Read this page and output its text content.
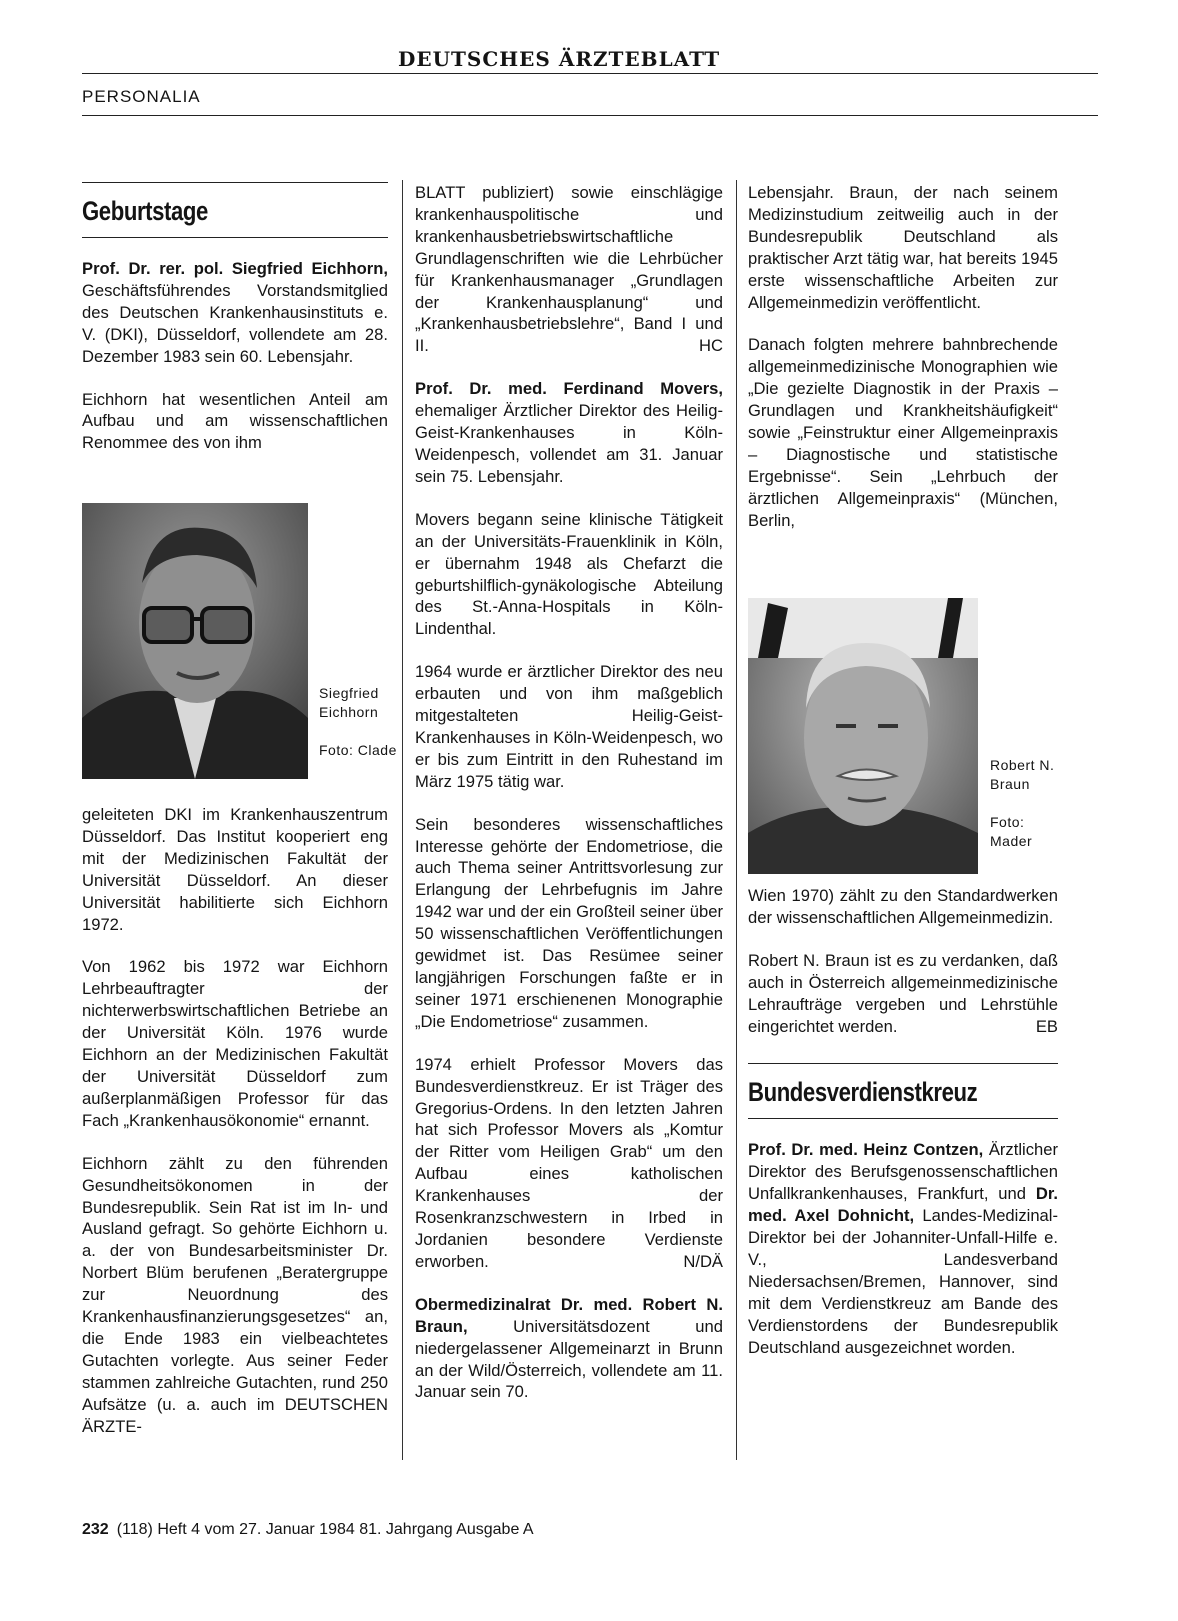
DEUTSCHES ÄRZTEBLATT
PERSONALIA
Geburtstage

Prof. Dr. rer. pol. Siegfried Eichhorn, Geschäftsführendes Vorstandsmitglied des Deutschen Krankenhausinstituts e. V. (DKI), Düsseldorf, vollendete am 28. Dezember 1983 sein 60. Lebensjahr.

Eichhorn hat wesentlichen Anteil am Aufbau und am wissenschaftlichen Renommee des von ihm

Siegfried Eichhorn
Foto: Clade

geleiteten DKI im Krankenhauszentrum Düsseldorf. Das Institut kooperiert eng mit der Medizinischen Fakultät der Universität Düsseldorf. An dieser Universität habilitierte sich Eichhorn 1972.

Von 1962 bis 1972 war Eichhorn Lehrbeauftragter der nichterwerbswirtschaftlichen Betriebe an der Universität Köln. 1976 wurde Eichhorn an der Medizinischen Fakultät der Universität Düsseldorf zum außerplanmäßigen Professor für das Fach „Krankenhausökonomie“ ernannt.

Eichhorn zählt zu den führenden Gesundheitsökonomen in der Bundesrepublik. Sein Rat ist im In- und Ausland gefragt. So gehörte Eichhorn u. a. der von Bundesarbeitsminister Dr. Norbert Blüm berufenen „Beratergruppe zur Neuordnung des Krankenhausfinanzierungsgesetzes“ an, die Ende 1983 ein vielbeachtetes Gutachten vorlegte. Aus seiner Feder stammen zahlreiche Gutachten, rund 250 Aufsätze (u. a. auch im DEUTSCHEN ÄRZTE-

BLATT publiziert) sowie einschlägige krankenhauspolitische und krankenhausbetriebswirtschaftliche Grundlagenschriften wie die Lehrbücher für Krankenhausmanager „Grundlagen der Krankenhausplanung“ und „Krankenhausbetriebslehre“, Band I und II.	HC

Prof. Dr. med. Ferdinand Movers, ehemaliger Ärztlicher Direktor des Heilig-Geist-Krankenhauses in Köln-Weidenpesch, vollendet am 31. Januar sein 75. Lebensjahr.

Movers begann seine klinische Tätigkeit an der Universitäts-Frauenklinik in Köln, er übernahm 1948 als Chefarzt die geburtshilflich-gynäkologische Abteilung des St.-Anna-Hospitals in Köln-Lindenthal.

1964 wurde er ärztlicher Direktor des neu erbauten und von ihm maßgeblich mitgestalteten Heilig-Geist-Krankenhauses in Köln-Weidenpesch, wo er bis zum Eintritt in den Ruhestand im März 1975 tätig war.

Sein besonderes wissenschaftliches Interesse gehörte der Endometriose, die auch Thema seiner Antrittsvorlesung zur Erlangung der Lehrbefugnis im Jahre 1942 war und der ein Großteil seiner über 50 wissenschaftlichen Veröffentlichungen gewidmet ist. Das Resümee seiner langjährigen Forschungen faßte er in seiner 1971 erschienenen Monographie „Die Endometriose“ zusammen.

1974 erhielt Professor Movers das Bundesverdienstkreuz. Er ist Träger des Gregorius-Ordens. In den letzten Jahren hat sich Professor Movers als „Komtur der Ritter vom Heiligen Grab“ um den Aufbau eines katholischen Krankenhauses der Rosenkranzschwestern in Irbed in Jordanien besondere Verdienste erworben.	N/DÄ

Obermedizinalrat Dr. med. Robert N. Braun, Universitätsdozent und niedergelassener Allgemeinarzt in Brunn an der Wild/Österreich, vollendete am 11. Januar sein 70.

Lebensjahr. Braun, der nach seinem Medizinstudium zeitweilig auch in der Bundesrepublik Deutschland als praktischer Arzt tätig war, hat bereits 1945 erste wissenschaftliche Arbeiten zur Allgemeinmedizin veröffentlicht.

Danach folgten mehrere bahnbrechende allgemeinmedizinische Monographien wie „Die gezielte Diagnostik in der Praxis – Grundlagen und Krankheitshäufigkeit“ sowie „Feinstruktur einer Allgemeinpraxis – Diagnostische und statistische Ergebnisse“. Sein „Lehrbuch der ärztlichen Allgemeinpraxis“ (München, Berlin,

Robert N. Braun
Foto: Mader

Wien 1970) zählt zu den Standardwerken der wissenschaftlichen Allgemeinmedizin.

Robert N. Braun ist es zu verdanken, daß auch in Österreich allgemeinmedizinische Lehraufträge vergeben und Lehrstühle eingerichtet werden.	EB

Bundesverdienstkreuz

Prof. Dr. med. Heinz Contzen, Ärztlicher Direktor des Berufsgenossenschaftlichen Unfallkrankenhauses, Frankfurt, und Dr. med. Axel Dohnicht, Landes-Medizinal-Direktor bei der Johanniter-Unfall-Hilfe e. V., Landesverband Niedersachsen/Bremen, Hannover, sind mit dem Verdienstkreuz am Bande des Verdienstordens der Bundesrepublik Deutschland ausgezeichnet worden.

232 (118) Heft 4 vom 27. Januar 1984 81. Jahrgang Ausgabe A
